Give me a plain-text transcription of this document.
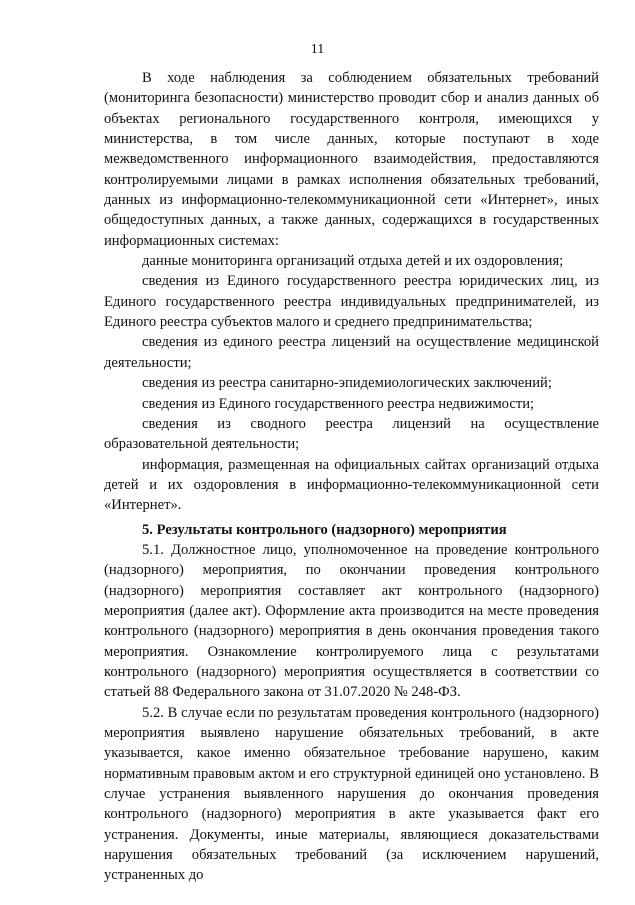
11

В ходе наблюдения за соблюдением обязательных требований (мониторинга безопасности) министерство проводит сбор и анализ данных об объектах регионального государственного контроля, имеющихся у министерства, в том числе данных, которые поступают в ходе межведомственного информационного взаимодействия, предоставляются контролируемыми лицами в рамках исполнения обязательных требований, данных из информационно-телекоммуникационной сети «Интернет», иных общедоступных данных, а также данных, содержащихся в государственных информационных системах:

данные мониторинга организаций отдыха детей и их оздоровления;

сведения из Единого государственного реестра юридических лиц, из Единого государственного реестра индивидуальных предпринимателей, из Единого реестра субъектов малого и среднего предпринимательства;

сведения из единого реестра лицензий на осуществление медицинской деятельности;

сведения из реестра санитарно-эпидемиологических заключений;

сведения из Единого государственного реестра недвижимости;

сведения из сводного реестра лицензий на осуществление образовательной деятельности;

информация, размещенная на официальных сайтах организаций отдыха детей и их оздоровления в информационно-телекоммуникационной сети «Интернет».

5. Результаты контрольного (надзорного) мероприятия

5.1. Должностное лицо, уполномоченное на проведение контрольного (надзорного) мероприятия, по окончании проведения контрольного (надзорного) мероприятия составляет акт контрольного (надзорного) мероприятия (далее акт). Оформление акта производится на месте проведения контрольного (надзорного) мероприятия в день окончания проведения такого мероприятия. Ознакомление контролируемого лица с результатами контрольного (надзорного) мероприятия осуществляется в соответствии со статьей 88 Федерального закона от 31.07.2020 № 248-ФЗ.

5.2. В случае если по результатам проведения контрольного (надзорного) мероприятия выявлено нарушение обязательных требований, в акте указывается, какое именно обязательное требование нарушено, каким нормативным правовым актом и его структурной единицей оно установлено. В случае устранения выявленного нарушения до окончания проведения контрольного (надзорного) мероприятия в акте указывается факт его устранения. Документы, иные материалы, являющиеся доказательствами нарушения обязательных требований (за исключением нарушений, устраненных до
